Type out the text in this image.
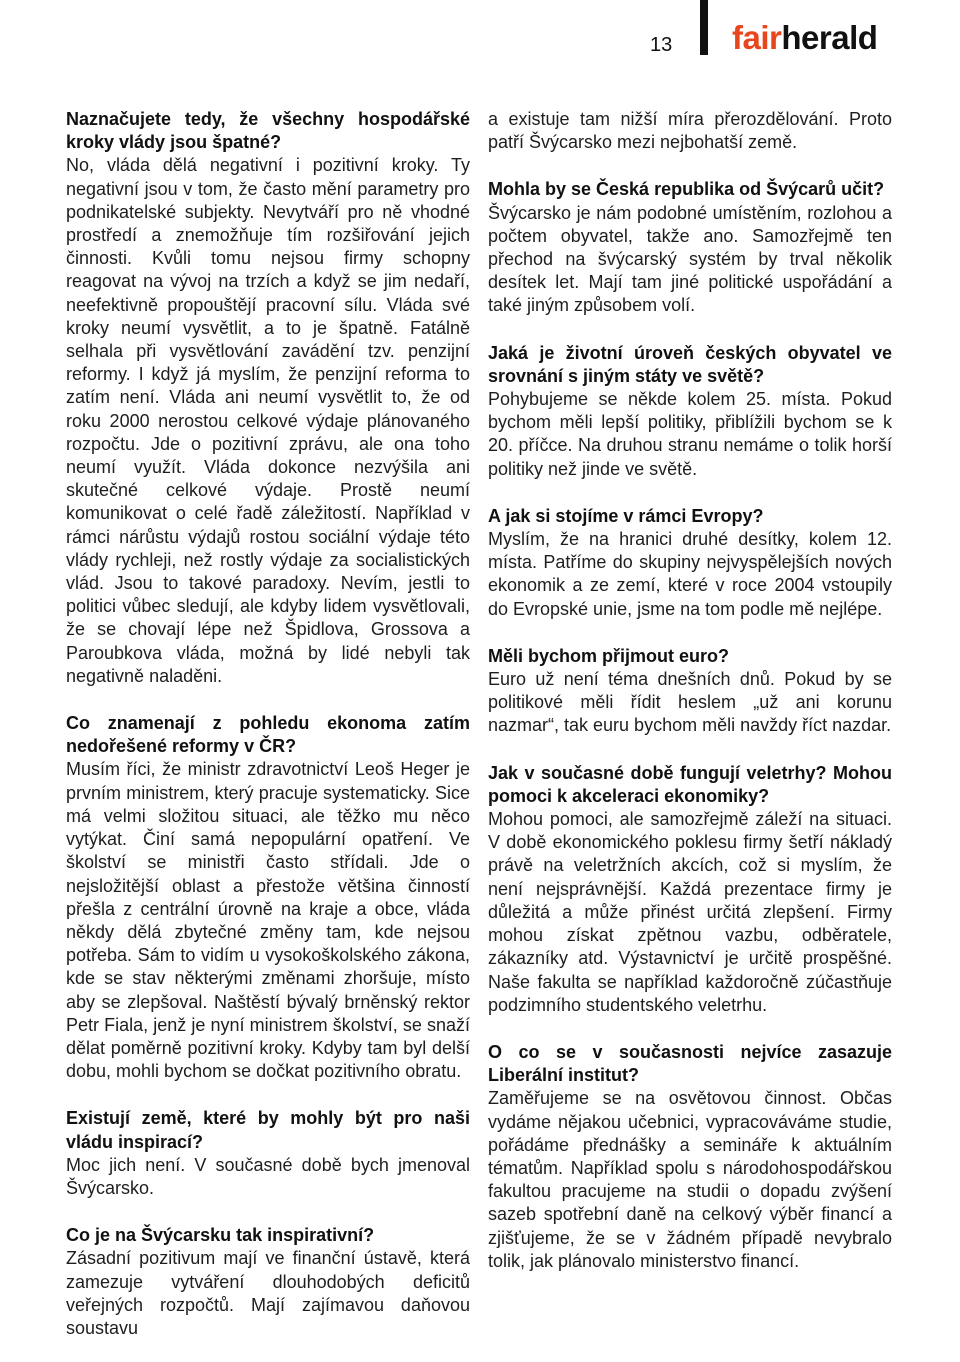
13 fairherald

Naznačujete tedy, že všechny hospodářské kroky vlády jsou špatné?

No, vláda dělá negativní i pozitivní kroky. Ty negativní jsou v tom, že často mění parametry pro podnikatelské subjekty. Nevytváří pro ně vhodné prostředí a znemožňuje tím rozšiřování jejich činnosti. Kvůli tomu nejsou firmy schopny reagovat na vývoj na trzích a když se jim nedaří, neefektivně propouštějí pracovní sílu. Vláda své kroky neumí vysvětlit, a to je špatně. Fatálně selhala při vysvětlování zavádění tzv. penzijní reformy. I když já myslím, že penzijní reforma to zatím není. Vláda ani neumí vysvětlit to, že od roku 2000 nerostou celkové výdaje plánovaného rozpočtu. Jde o pozitivní zprávu, ale ona toho neumí využít. Vláda dokonce nezvýšila ani skutečné celkové výdaje. Prostě neumí komunikovat o celé řadě záležitostí. Například v rámci nárůstu výdajů rostou sociální výdaje této vlády rychleji, než rostly výdaje za socialistických vlád. Jsou to takové paradoxy. Nevím, jestli to politici vůbec sledují, ale kdyby lidem vysvětlovali, že se chovají lépe než Špidlova, Grossova a Paroubkova vláda, možná by lidé nebyli tak negativně naladěni.

Co znamenají z pohledu ekonoma zatím nedořešené reformy v ČR?

Musím říci, že ministr zdravotnictví Leoš Heger je prvním ministrem, který pracuje systematicky. Sice má velmi složitou situaci, ale těžko mu něco vytýkat. Činí samá nepopulární opatření. Ve školství se ministři často střídali. Jde o nejsložitější oblast a přestože většina činností přešla z centrální úrovně na kraje a obce, vláda někdy dělá zbytečné změny tam, kde nejsou potřeba. Sám to vidím u vysokoškolského zákona, kde se stav některými změnami zhoršuje, místo aby se zlepšoval. Naštěstí bývalý brněnský rektor Petr Fiala, jenž je nyní ministrem školství, se snaží dělat poměrně pozitivní kroky. Kdyby tam byl delší dobu, mohli bychom se dočkat pozitivního obratu.

Existují země, které by mohly být pro naši vládu inspirací?

Moc jich není. V současné době bych jmenoval Švýcarsko.

Co je na Švýcarsku tak inspirativní?

Zásadní pozitivum mají ve finanční ústavě, která zamezuje vytváření dlouhodobých deficitů veřejných rozpočtů. Mají zajímavou daňovou soustavu

a existuje tam nižší míra přerozdělování. Proto patří Švýcarsko mezi nejbohatší země.

Mohla by se Česká republika od Švýcarů učit?

Švýcarsko je nám podobné umístěním, rozlohou a počtem obyvatel, takže ano. Samozřejmě ten přechod na švýcarský systém by trval několik desítek let. Mají tam jiné politické uspořádání a také jiným způsobem volí.

Jaká je životní úroveň českých obyvatel ve srovnání s jiným státy ve světě?

Pohybujeme se někde kolem 25. místa. Pokud bychom měli lepší politiky, přiblížili bychom se k 20. příčce. Na druhou stranu nemáme o tolik horší politiky než jinde ve světě.

A jak si stojíme v rámci Evropy?

Myslím, že na hranici druhé desítky, kolem 12. místa. Patříme do skupiny nejvyspělejších nových ekonomik a ze zemí, které v roce 2004 vstoupily do Evropské unie, jsme na tom podle mě nejlépe.

Měli bychom přijmout euro?

Euro už není téma dnešních dnů. Pokud by se politikové měli řídit heslem „už ani korunu nazmar“, tak euru bychom měli navždy říct nazdar.

Jak v současné době fungují veletrhy? Mohou pomoci k akceleraci ekonomiky?

Mohou pomoci, ale samozřejmě záleží na situaci. V době ekonomického poklesu firmy šetří nákladý právě na veletržních akcích, což si myslím, že není nejsprávnější. Každá prezentace firmy je důležitá a může přinést určitá zlepšení. Firmy mohou získat zpětnou vazbu, odběratele, zákazníky atd. Výstavnictví je určitě prospěšné. Naše fakulta se například každoročně zúčastňuje podzimního studentského veletrhu.

O co se v současnosti nejvíce zasazuje Liberální institut?

Zaměřujeme se na osvětovou činnost. Občas vydáme nějakou učebnici, vypracováváme studie, pořádáme přednášky a semináře k aktuálním tématům. Například spolu s národohospodářskou fakultou pracujeme na studii o dopadu zvýšení sazeb spotřební daně na celkový výběr financí a zjišťujeme, že se v žádném případě nevybralo tolik, jak plánovalo ministerstvo financí.
